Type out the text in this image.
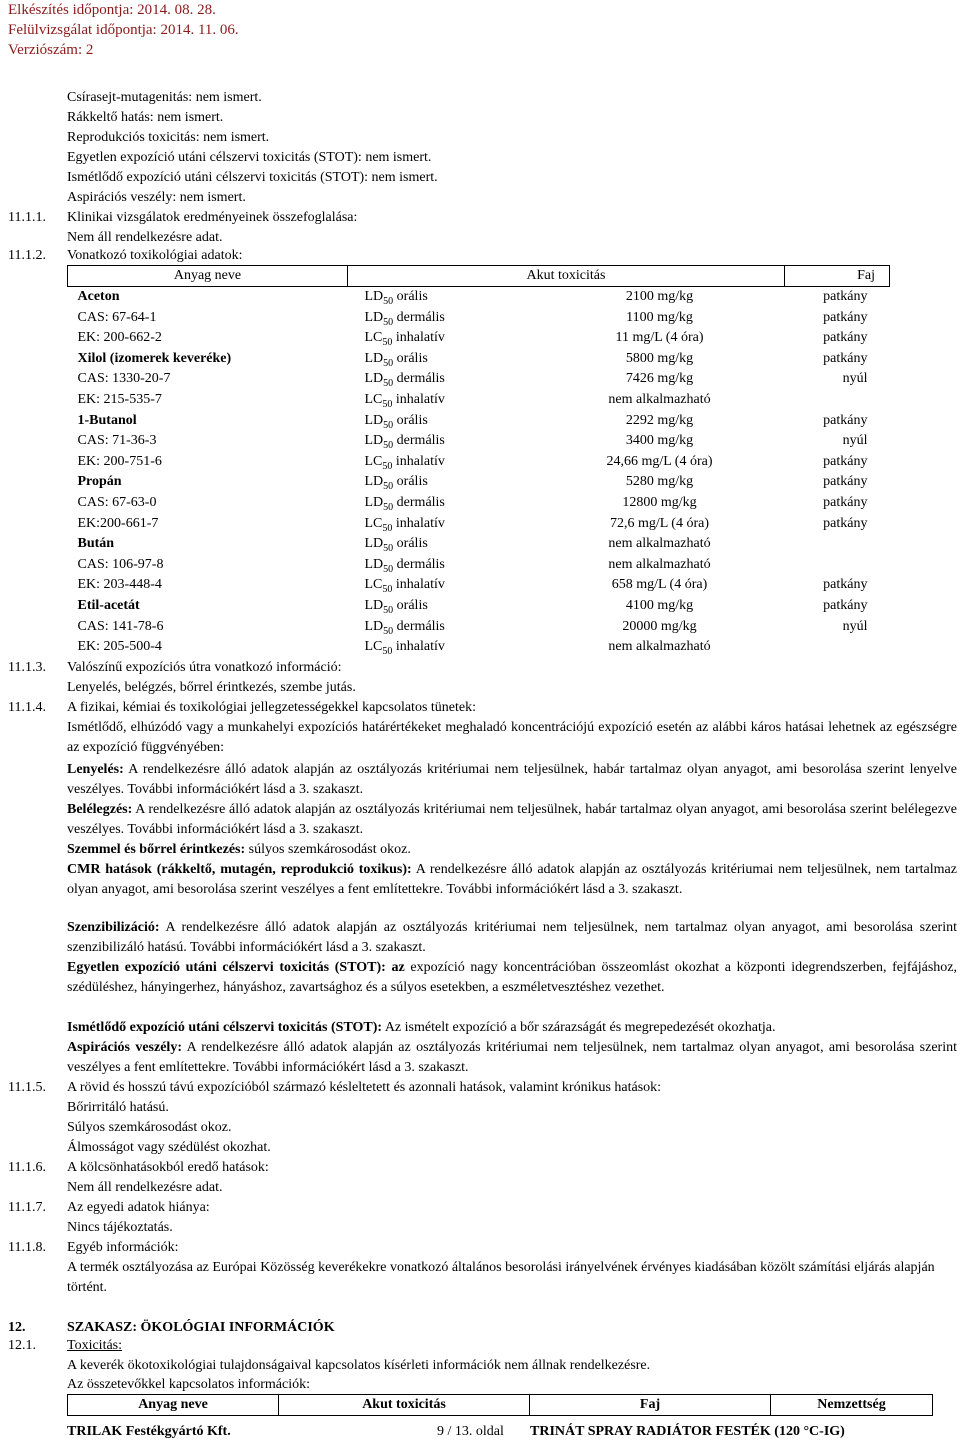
Elkészítés időpontja: 2014. 08. 28.
Felülvizsgálat időpontja: 2014. 11. 06.
Verziószám: 2
Csírasejt-mutagenitás: nem ismert.
Rákkeltő hatás: nem ismert.
Reprodukciós toxicitás: nem ismert.
Egyetlen expozíció utáni célszervi toxicitás (STOT): nem ismert.
Ismétlődő expozíció utáni célszervi toxicitás (STOT): nem ismert.
Aspirációs veszély: nem ismert.
11.1.1. Klinikai vizsgálatok eredményeinek összefoglalása:
Nem áll rendelkezésre adat.
11.1.2. Vonatkozó toxikológiai adatok:
Anyag neve	Akut toxicitás		Faj
Aceton	$LD_{50}$ orális	2100 mg/kg	patkány
CAS: 67-64-1	$LD_{50}$ dermális	1100 mg/kg	patkány
EK: 200-662-2	$LC_{50}$ inhalatív	11 mg/L (4 óra)	patkány
Xilol (izomerek keveréke)	$LD_{50}$ orális	5800 mg/kg	patkány
CAS: 1330-20-7	$LD_{50}$ dermális	7426 mg/kg	nyúl
EK: 215-535-7	$LC_{50}$ inhalatív	nem alkalmazható	
1-Butanol	$LD_{50}$ orális	2292 mg/kg	patkány
CAS: 71-36-3	$LD_{50}$ dermális	3400 mg/kg	nyúl
EK: 200-751-6	$LC_{50}$ inhalatív	24,66 mg/L (4 óra)	patkány
Propán	$LD_{50}$ orális	5280 mg/kg	patkány
CAS: 67-63-0	$LD_{50}$ dermális	12800 mg/kg	patkány
EK:200-661-7	$LC_{50}$ inhalatív	72,6 mg/L (4 óra)	patkány
Bután	$LD_{50}$ orális	nem alkalmazható	
CAS: 106-97-8	$LD_{50}$ dermális	nem alkalmazható	
EK: 203-448-4	$LC_{50}$ inhalatív	658 mg/L (4 óra)	patkány
Etil-acetát	$LD_{50}$ orális	4100 mg/kg	patkány
CAS: 141-78-6	$LD_{50}$ dermális	20000 mg/kg	nyúl
EK: 205-500-4	$LC_{50}$ inhalatív	nem alkalmazható	
11.1.3. Valószínű expozíciós útra vonatkozó információ:
Lenyelés, belégzés, bőrrel érintkezés, szembe jutás.
11.1.4. A fizikai, kémiai és toxikológiai jellegzetességekkel kapcsolatos tünetek:
Ismétlődő, elhúzódó vagy a munkahelyi expozíciós határértékeket meghaladó koncentrációjú expozíció esetén az alábbi káros hatásai lehetnek az egészségre az expozíció függvényében:
Lenyelés: A rendelkezésre álló adatok alapján az osztályozás kritériumai nem teljesülnek, habár tartalmaz olyan anyagot, ami besorolása szerint lenyelve veszélyes. További információkért lásd a 3. szakaszt.
Belélegzés: A rendelkezésre álló adatok alapján az osztályozás kritériumai nem teljesülnek, habár tartalmaz olyan anyagot, ami besorolása szerint belélegezve veszélyes. További információkért lásd a 3. szakaszt.
Szemmel és bőrrel érintkezés: súlyos szemkárosodást okoz.
CMR hatások (rákkeltő, mutagén, reprodukció toxikus): A rendelkezésre álló adatok alapján az osztályozás kritériumai nem teljesülnek, nem tartalmaz olyan anyagot, ami besorolása szerint veszélyes a fent említettekre. További információkért lásd a 3. szakaszt.
Szenzibilizáció: A rendelkezésre álló adatok alapján az osztályozás kritériumai nem teljesülnek, nem tartalmaz olyan anyagot, ami besorolása szerint szenzibilizáló hatású. További információkért lásd a 3. szakaszt.
Egyetlen expozíció utáni célszervi toxicitás (STOT): az expozíció nagy koncentrációban összeomlást okozhat a központi idegrendszerben, fejfájáshoz, szédüléshez, hányingerhez, hányáshoz, zavartsághoz és a súlyos esetekben, a eszméletvesztéshez vezethet.
Ismétlődő expozíció utáni célszervi toxicitás (STOT): Az ismételt expozíció a bőr szárazságát és megrepedezését okozhatja.
Aspirációs veszély: A rendelkezésre álló adatok alapján az osztályozás kritériumai nem teljesülnek, nem tartalmaz olyan anyagot, ami besorolása szerint veszélyes a fent említettekre. További információkért lásd a 3. szakaszt.
11.1.5. A rövid és hosszú távú expozícióból származó késleltetett és azonnali hatások, valamint krónikus hatások:
Bőrirritáló hatású.
Súlyos szemkárosodást okoz.
Álmosságot vagy szédülést okozhat.
11.1.6. A kölcsönhatásokból eredő hatások:
Nem áll rendelkezésre adat.
11.1.7. Az egyedi adatok hiánya:
Nincs tájékoztatás.
11.1.8. Egyéb információk:
A termék osztályozása az Európai Közösség keverékekre vonatkozó általános besorolási irányelvének érvényes kiadásában közölt számítási eljárás alapján történt.
12.	SZAKASZ: ÖKOLÓGIAI INFORMÁCIÓK
12.1. Toxicitás:
A keverék ökotoxikológiai tulajdonságaival kapcsolatos kísérleti információk nem állnak rendelkezésre.
Az összetevőkkel kapcsolatos információk:
Anyag neve	Akut toxicitás	Faj	Nemzettség
TRILAK Festékgyártó Kft.	9 / 13. oldal TRINÁT SPRAY RADIÁTOR FESTÉK (120 °C-IG)
